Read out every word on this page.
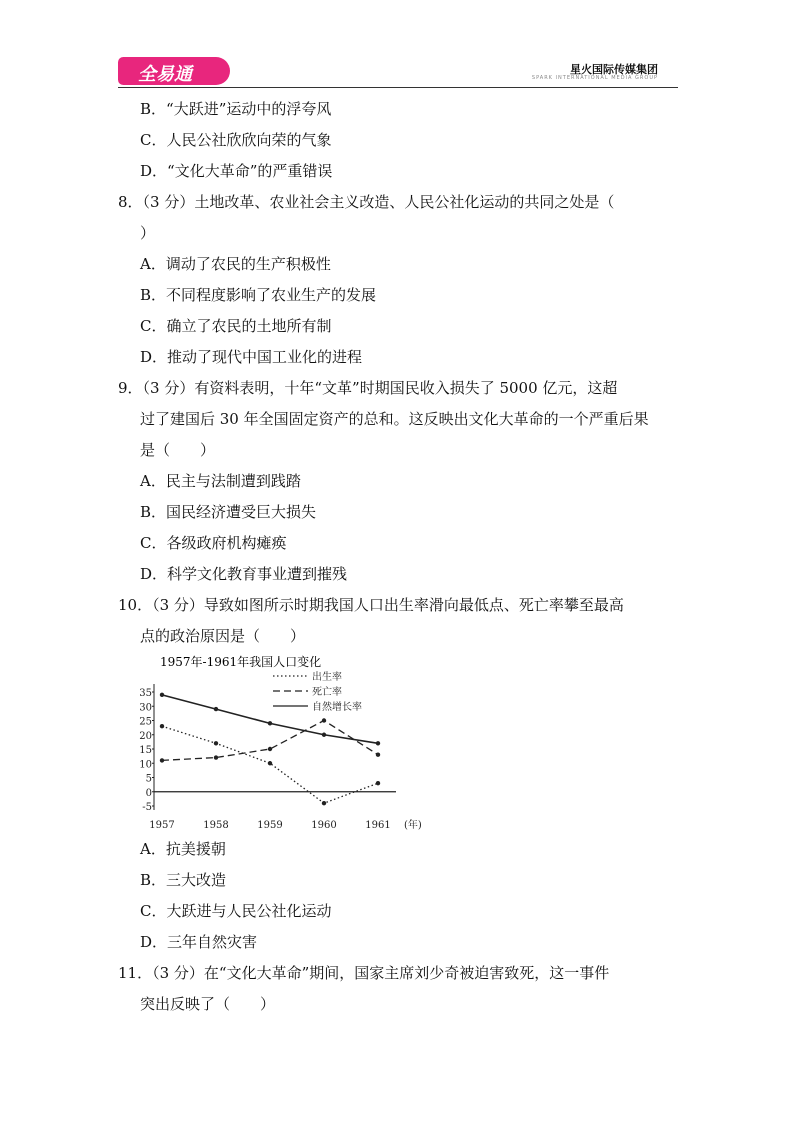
全易通	星火国际传媒集团
SPARK INTERNATIONAL MEDIA GROUP
B．“大跃进”运动中的浮夸风
C．人民公社欣欣向荣的气象
D．“文化大革命”的严重错误
8．（3 分）土地改革、农业社会主义改造、人民公社化运动的共同之处是（
）
A．调动了农民的生产积极性
B．不同程度影响了农业生产的发展
C．确立了农民的土地所有制
D．推动了现代中国工业化的进程
9．（3 分）有资料表明，十年“文革”时期国民收入损失了 5000 亿元，这超
过了建国后 30 年全国固定资产的总和。这反映出文化大革命的一个严重后果
是（　　）
A．民主与法制遭到践踏
B．国民经济遭受巨大损失
C．各级政府机构瘫痪
D．科学文化教育事业遭到摧残
10．（3 分）导致如图所示时期我国人口出生率滑向最低点、死亡率攀至最高
点的政治原因是（　　）
1957年-1961年我国人口变化
35
30
25
20
15
10
5
0
-5
1957	1958	1959	1960	1961 (年)
出生率
死亡率
自然增长率
A．抗美援朝
B．三大改造
C．大跃进与人民公社化运动
D．三年自然灾害
11．（3 分）在“文化大革命”期间，国家主席刘少奇被迫害致死，这一事件
突出反映了（　　）
